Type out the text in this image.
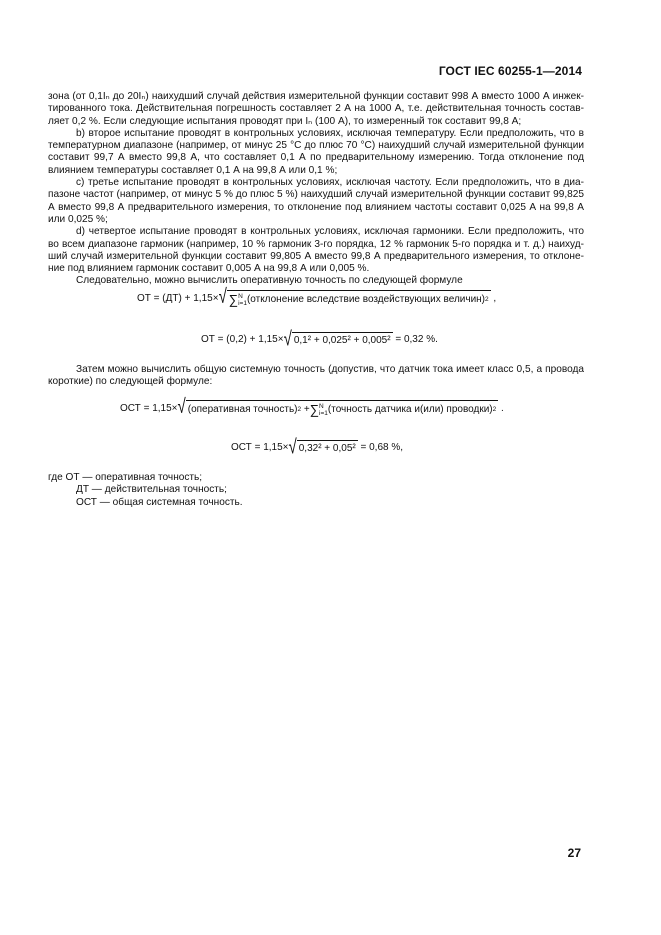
ГОСТ IEC 60255-1—2014

зона (от 0,1Iₙ до 20Iₙ) наихудший случай действия измерительной функции составит 998 А вместо 1000 А инжектированного тока. Действительная погрешность составляет 2 А на 1000 А, т.е. действительная точность составляет 0,2 %. Если следующие испытания проводят при Iₙ (100 А), то измеренный ток составит 99,8 А;

b) второе испытание проводят в контрольных условиях, исключая температуру. Если предположить, что в температурном диапазоне (например, от минус 25 °С до плюс 70 °С) наихудший случай измерительной функции составит 99,7 А вместо 99,8 А, что составляет 0,1 А по предварительному измерению. Тогда отклонение под влиянием температуры составляет 0,1 А на 99,8 А или 0,1 %;

с) третье испытание проводят в контрольных условиях, исключая частоту. Если предположить, что в диапазоне частот (например, от минус 5 % до плюс 5 %) наихудший случай измерительной функции составит 99,825 А вместо 99,8 А предварительного измерения, то отклонение под влиянием частоты составит 0,025 А на 99,8 А или 0,025 %;

d) четвертое испытание проводят в контрольных условиях, исключая гармоники. Если предположить, что во всем диапазоне гармоник (например, 10 % гармоник 3-го порядка, 12 % гармоник 5-го порядка и т. д.) наихудший случай измерительной функции составит 99,805 А вместо 99,8 А предварительного измерения, то отклонение под влиянием гармоник составит 0,005 А на 99,8 А или 0,005 %.

Следовательно, можно вычислить оперативную точность по следующей формуле

ОТ
=
(ДТ)
+
1,15 × √ ∑ N
i=1 (отклонение вследствие воздействующих величин) 2
,
ОТ
=
(0,2)
+
1,15 × √ 0,1² + 0,025² + 0,005²
= 0,32 %.

Затем можно вычислить общую системную точность (допустив, что датчик тока имеет класс 0,5, а провода короткие) по следующей формуле:

ОСТ
=
1,15 × √ (оперативная точность) 2
+ ∑ N
i=1 (точность датчика и(или) проводки) 2
.
ОСТ
=
1,15 × √ 0,32² + 0,05²
= 0,68 %,
где ОТ — оперативная точность;
ДТ — действительная точность;
ОСТ — общая системная точность.
27
